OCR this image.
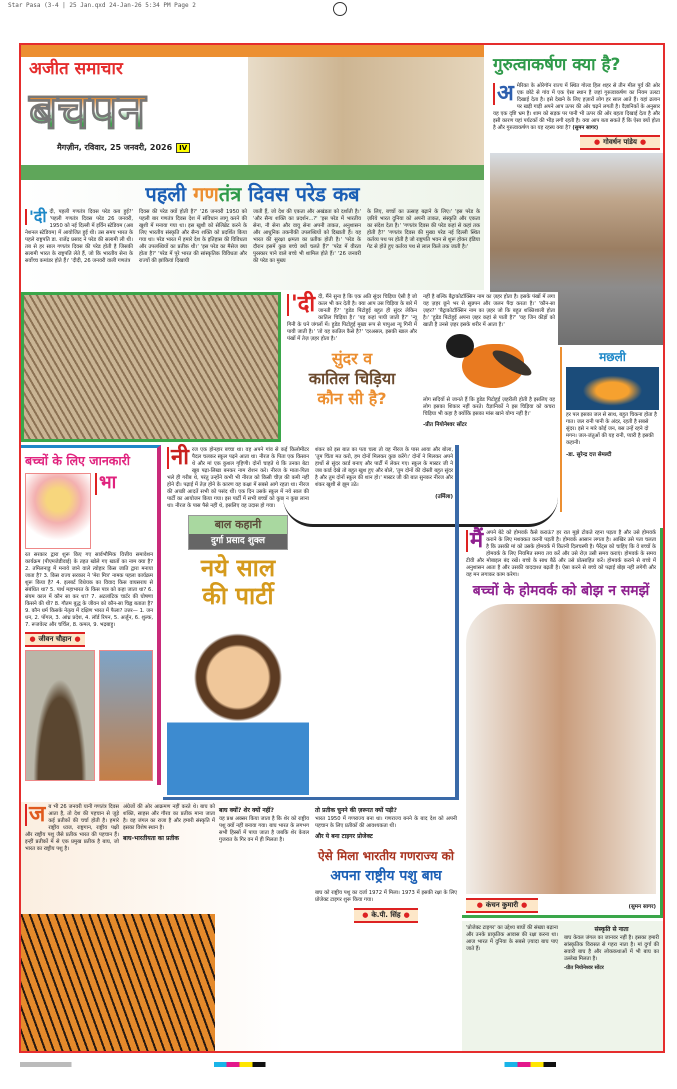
Star Pasa (3-4 | 25 Jan.qxd 24-Jan-26 5:34 PM Page 2
अजीत समाचार
बचपन
मैगज़ीन, रविवार, 25 जनवरी, 2026	IV
गुरुत्वाकर्षण क्या है?
अ मेरिका के ओरेगॉन राज्य में स्थित गोल्ड हिल शहर से तीन मील पूर्व की ओर एक छोटे से गांव में एक ऐसा स्थान है जहां गुरुत्वाकर्षण का नियम उलटा दिखाई देता है। इसे देखने के लिए हज़ारों लोग हर साल आते हैं। यहां ढलान पर खड़ी गाड़ी अपने आप ऊपर की ओर चढ़ने लगती है। वैज्ञानिकों के अनुसार यह एक दृष्टि भ्रम है। शाम को सड़क पर पानी भी ऊपर की ओर बहता दिखाई देता है और इसी कारण यहां पर्यटकों की भीड़ लगी रहती है। क्या आप बता सकते हैं कि ऐसा क्यों होता है और गुरुत्वाकर्षण का यह रहस्य क्या है? (सुमन सागर)
● गोवर्धन पांडेय ●
पहली गणतंत्र दिवस परेड कब
'दी दी, पहली गणतंत्र दिवस परेड कब हुई?' 'पहली गणतंत्र दिवस परेड 26 जनवरी, 1950 को नई दिल्ली में इर्विन स्टेडियम (अब नेशनल स्टेडियम) में आयोजित हुई थी। उस समय भारत के पहले राष्ट्रपति डा. राजेंद्र प्रसाद ने परेड की सलामी ली थी। तब से हर साल गणतंत्र दिवस की परेड होती है जिसकी सलामी भारत के राष्ट्रपति लेते हैं, जो कि भारतीय सेना के सर्वोच्च कमांडर होते हैं।' 'दीदी, 26 जनवरी वाली गणतंत्र
दिवस की परेड क्यों होती है?' '26 जनवरी 1950 को पहली बार गणतंत्र दिवस देश में संविधान लागू करने की खुशी में मनाया गया था। इस खुशी को सेलिब्रेट करने के लिए भारतीय संस्कृति और सैन्य शक्ति को प्रदर्शित किया गया था। परेड भारत में हमारे देश के इतिहास की विविधता और उपलब्धियों का प्रतीक थी।' 'इस परेड का मैसेज क्या होता है?' 'परेड में पूरे भारत की सांस्कृतिक विविधता और राज्यों की झांकियां दिखायी
जाती हैं, जो देश की एकता और अखंडता को दर्शाती है।' 'और सैन्य शक्ति का प्रदर्शन...?' 'इस परेड में भारतीय सेना, नौ सेना और वायु सेना अपनी ताकत, अनुशासन और आधुनिक तकनीकी उपलब्धियों को दिखाती हैं। यह भारत की सुरक्षा क्षमता का प्रतीक होती है।' 'परेड के दौरान इसमें कुछ बच्चे क्यों चलते हैं?' 'परेड में वीरता पुरस्कार पाने वाले बच्चे भी शामिल होते हैं।' '26 जनवरी की परेड का मुख्य
के लिए, बच्चों का उत्साह बढ़ाने के लिए।' 'इस परेड के ज़रिये भारत दुनिया को अपनी ताकत, संस्कृति और एकता का संदेश देता है।' 'गणतंत्र दिवस की परेड कहां से कहां तक होती है?' 'गणतंत्र दिवस की मुख्य परेड नई दिल्ली स्थित कर्तव्य पथ पर होती है जो राष्ट्रपति भवन से शुरू होकर इंडिया गेट से होते हुए कर्तव्य पथ से लाल किले तक जाती है।'
'दी दी, मैंने सुना है कि एक अति सुंदर चिड़िया ऐसी है जो कत्ल भी कर देती है। क्या आप उस चिड़िया के बारे में जानती हैं?' 'हुडेड पिटोहुई बहुत ही सुंदर लेकिन कातिल चिड़िया है।' 'यह कहां पायी जाती है?' 'न्यू गिनी के घने जंगलों में। हुडेड पिटोहुई मुख्य रूप से पापुआ न्यू गिनी में पायी जाती है।' 'तो यह कातिल कैसे है?' 'दरअसल, इसकी खाल और पंखों में तेज़ ज़हर होता है।'
सुंदर व
कातिल चिड़िया
कौन सी है?
नहीं है बल्कि बैट्राकोटॉक्सिन नाम का ज़हर होता है। इसके पंखों में लगा यह ज़हर छूने भर से सुन्नपन और जलन पैदा करता है।' 'कौन-सा ज़हर?' 'बैट्राकोटॉक्सिन नाम का ज़हर जो कि बहुत शक्तिशाली होता है।' 'हुडेड पिटोहुई अपना ज़हर कहां से पाती है?' 'यह जिन कीड़ों को खाती है उनसे ज़हर इसके शरीर में आता है।'
लोग सदियों से जानते हैं कि हुडेड पिटोहुई ज़हरीली होती है इसलिए वह लोग इसका शिकार नहीं करते। वैज्ञानिकों ने इस चिड़िया को कचरा चिड़िया भी कहा है क्योंकि इसका मांस खाने योग्य नहीं है।'
-प्रीत नियोनेश्वर सोंटर
मछली
हर पल इसका जल से साथ, बहुत चिकना होता है गात। जल रानी पानी के अंदर, रहती है सबसे सुंदर। इसे न मारे कोई जन, बस उन्हें रहने दो मगन। जल-जंतुओं की यह रानी, प्यारी है इसकी कहानी।
-डा. सुरेन्द्र दत्त सेमल्टी
बच्चों के लिए जानकारी
भा
रत सरकार द्वारा शुरू किए गए सार्वभौमिक वित्तीय समावेशन कार्यक्रम (पीएमजेडीवाई) के तहत खोले गए खातों का नाम क्या है? 2. तमिलनाडु में मनाये जाने वाले त्योहार किस जाति द्वारा मनाया जाता है? 3. किस राज्य सरकार ने 'मेरा मित्र' नामक पहला कार्यक्रम शुरू किया है? 4. इलबर्ट विधेयक का विवाद किस वायसराय से संबंधित था? 5. पार्थ महाभारत के किस पात्र को कहा जाता था? 6. संयम काल में कौन सा कर था? 7. अटलांटिक चार्टर की घोषणा किसने की थी? 8. गौतम बुद्ध के जीवन को कौन-सा चिह्न बताता है? 9. कौन धर्म किसके नेतृत्व में दक्षिण भारत में फैला? उत्तर— 1. जन धन, 2. पोंगल, 3. आंध्र प्रदेश, 4. लॉर्ड रिपन, 5. अर्जुन, 6. शुल्क, 7. रूजवेल्ट और चर्चिल, 8. कमल, 9. भद्रबाहु।
● जीवन चौहान ●
नी रज एक होनहार बच्चा था। वह अपने गांव से कई किलोमीटर पैदल चलकर स्कूल पढ़ने आता था। नीरज के पिता एक किसान थे और मां एक कुशल गृहिणी। दोनों चाहते थे कि उनका बेटा खूब पढ़ा-लिखा बनकर नाम रोशन करे। नीरज के माता-पिता भले ही गरीब थे, परंतु उन्होंने कभी भी नीरज को किसी चीज़ की कमी नहीं होने दी। पढ़ाई में तेज़ होने के कारण वह कक्षा में सबसे आगे रहता था। नीरज की अच्छी आदतें सभी को पसंद थीं। एक दिन उसके स्कूल में नये साल की पार्टी का आयोजन किया गया। इस पार्टी में सभी बच्चों को कुछ न कुछ लाना था। नीरज के पास पैसे नहीं थे, इसलिए वह उदास हो गया।
बाल कहानी
दुर्गा प्रसाद शुक्ल
नये साल
की पार्टी
शंकर को इस बात का पता चला तो वह नीरज के पास आया और बोला, 'तुम चिंता मत करो, हम दोनों मिलकर कुछ करेंगे।' दोनों ने मिलकर अपने हाथों से सुंदर कार्ड बनाए और पार्टी में लेकर गए। स्कूल के मास्टर जी ने जब कार्ड देखे तो बहुत खुश हुए और बोले, 'तुम दोनों की दोस्ती बहुत सुंदर है और तुम दोनों स्कूल की शान हो।' मास्टर जी की बात सुनकर नीरज और शंकर खुशी से झूम उठे।
(उर्मिला)
मैं अपने बेटे को होमवर्क कैसे कराऊं? हर रात मुझे टोकते रहना पड़ता है और उसे होमवर्क कराने के लिए मशक्कत करनी पड़ती है। होमवर्क आसान लगता है। आखिर उसे पता चलता है कि उसकी मां को उसके होमवर्क में कितनी दिलचस्पी है। पैरेंट्स को चाहिए कि वे बच्चों के होमवर्क के लिए नियमित समय तय करें और उसे रोज़ उसी समय कराएं। होमवर्क के समय टीवी और मोबाइल बंद रखें। बच्चे के साथ बैठें और उसे प्रोत्साहित करें। होमवर्क कराने से बच्चे में अनुशासन आता है और उसकी याददाश्त बढ़ती है। ऐसा करने से बच्चे को पढ़ाई बोझ नहीं लगेगी और वह मन लगाकर काम करेगा।
बच्चों के होमवर्क को बोझ न समझें
● कंचन कुमारी ●	(सुमन सागर)
ज ब भी 26 जनवरी यानी गणतंत्र दिवस आता है, तो देश की पहचान से जुड़े कई प्रतीकों की चर्चा होती है। हमारे राष्ट्रीय ध्वज, राष्ट्रगान, राष्ट्रीय पक्षी और राष्ट्रीय पशु जैसे प्रतीक भारत की पहचान हैं। इन्हीं प्रतीकों में से एक प्रमुख प्रतीक है बाघ, जो भारत का राष्ट्रीय पशु है।
अंग्रेजों की ओर आक्रमण नहीं करते थे। बाघ को शक्ति, साहस और गौरव का प्रतीक माना जाता है। वह जंगल का राजा है और हमारी संस्कृति में इसका विशेष स्थान है।
बाघ-भारतीयता का प्रतीक
बाघ क्यों? शेर क्यों नहीं?
यह प्रश्न अक्सर किया जाता है कि शेर को राष्ट्रीय पशु क्यों नहीं बनाया गया। बाघ भारत के लगभग सभी हिस्सों में पाया जाता है जबकि शेर केवल गुजरात के गिर वन में ही मिलता है।
तो प्रतीक चुनने की ज़रूरत क्यों पड़ी?
भारत 1950 में गणराज्य बना था। गणराज्य बनने के बाद देश को अपनी पहचान के लिए प्रतीकों की आवश्यकता थी।
और ये बना टाइगर प्रोजेक्ट
ऐसे मिला भारतीय गणराज्य को
अपना राष्ट्रीय पशु बाघ
बाघ को राष्ट्रीय पशु का दर्जा 1972 में मिला। 1973 में इसकी रक्षा के लिए प्रोजेक्ट टाइगर शुरू किया गया।
● के.पी. सिंह ●
'प्रोजेक्ट टाइगर' का उद्देश्य बाघों की संख्या बढ़ाना और उनके प्राकृतिक आवास की रक्षा करना था। आज भारत में दुनिया के सबसे ज़्यादा बाघ पाए जाते हैं।
संस्कृति से नाता
बाघ केवल जंगल का जानवर नहीं है। इसका हमारी सांस्कृतिक विरासत से गहरा नाता है। मां दुर्गा की सवारी बाघ है और लोककथाओं में भी बाघ का उल्लेख मिलता है।
-प्रीत नियोनेश्वर सोंटर
